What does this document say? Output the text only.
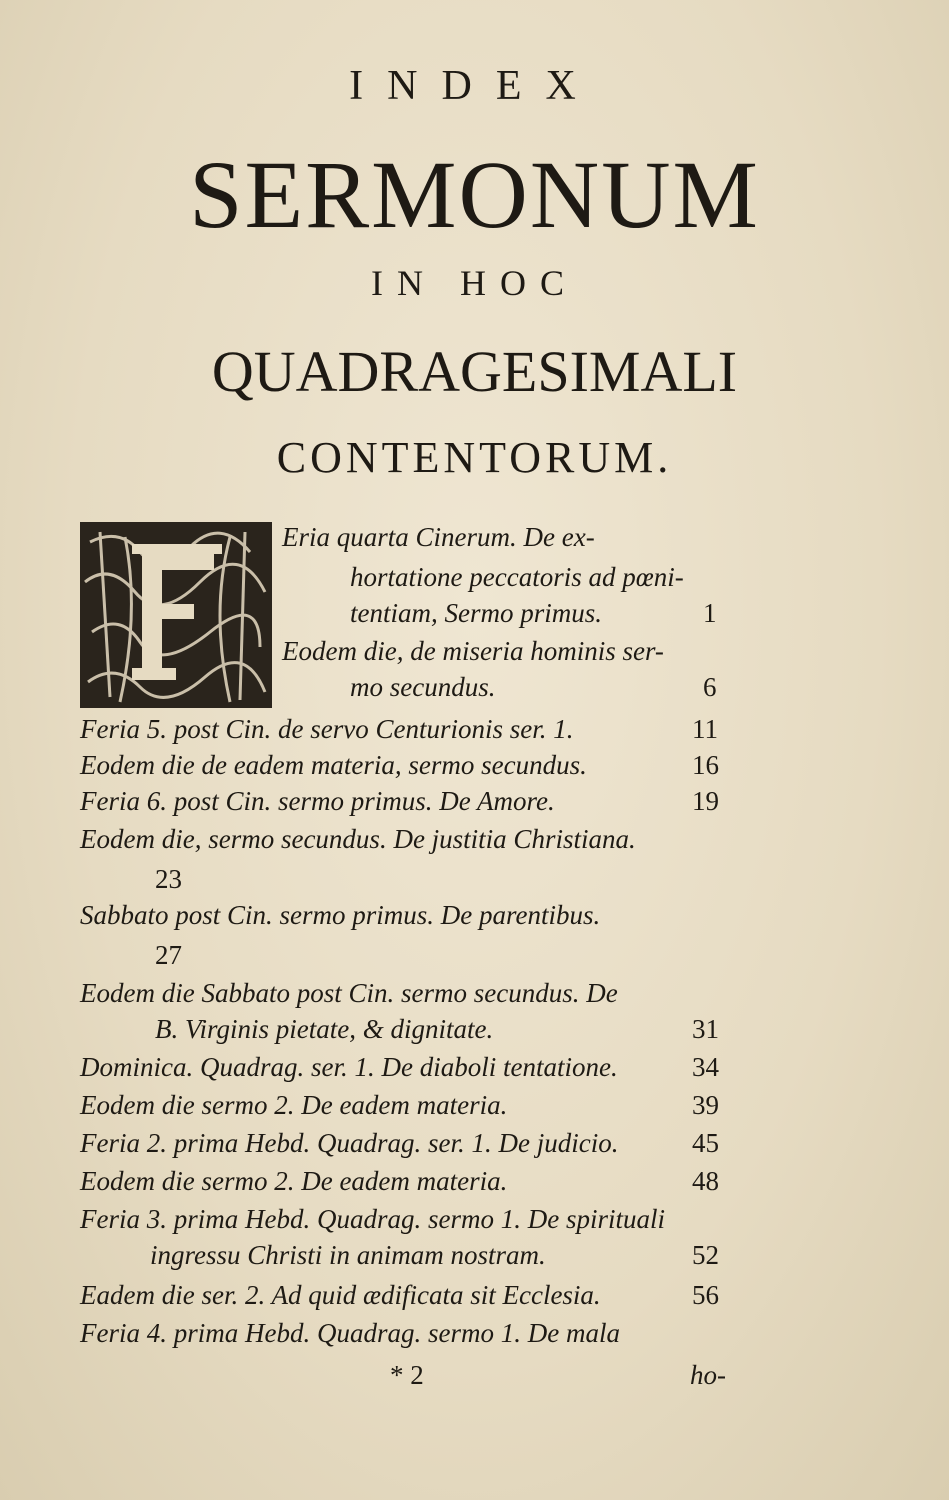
INDEX
SERMONUM
IN HOC
QUADRAGESIMALI
CONTENTORUM.
Eria quarta Cinerum. De ex-
hortatione peccatoris ad pœni-
tentiam, Sermo primus.	1
Eodem die, de miseria hominis ser-
mo secundus.	6
Feria 5. post Cin. de servo Centurionis ser. 1.	11
Eodem die de eadem materia, sermo secundus.	16
Feria 6. post Cin. sermo primus. De Amore.	19
Eodem die, sermo secundus. De justitia Christiana.
23
Sabbato post Cin. sermo primus. De parentibus.
27
Eodem die Sabbato post Cin. sermo secundus. De
B. Virginis pietate, & dignitate.	31
Dominica. Quadrag. ser. 1. De diaboli tentatione.	34
Eodem die sermo 2. De eadem materia.	39
Feria 2. prima Hebd. Quadrag. ser. 1. De judicio.	45
Eodem die sermo 2. De eadem materia.	48
Feria 3. prima Hebd. Quadrag. sermo 1. De spirituali
ingressu Christi in animam nostram.	52
Eadem die ser. 2. Ad quid ædificata sit Ecclesia.	56
Feria 4. prima Hebd. Quadrag. sermo 1. De mala
* 2	ho-
